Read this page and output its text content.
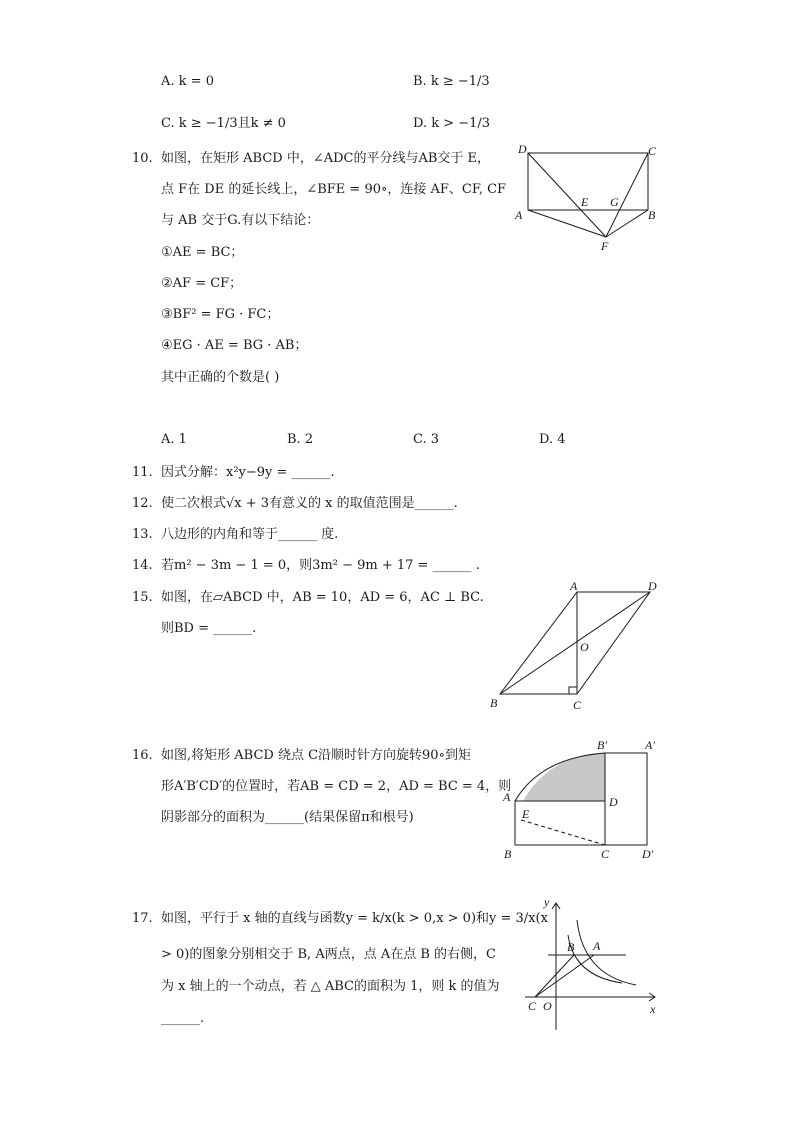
A. k = 0	B. k ≥ −1/3
C. k ≥ −1/3且k ≠ 0	D. k > −1/3
10. 如图，在矩形 ABCD 中，∠ADC的平分线与AB交于 E，
点 F在 DE 的延长线上，∠BFE = 90∘，连接 AF、CF, CF
与 AB 交于G.有以下结论：
①AE = BC；
②AF = CF；
③BF² = FG · FC；
④EG · AE = BG · AB；
其中正确的个数是( )
A. 1	B. 2	C. 3	D. 4
D	C
A	B
E G
F
11. 因式分解：x²y−9y = ______.
12. 使二次根式√x + 3有意义的 x 的取值范围是______.
13. 八边形的内角和等于______ 度.
14. 若m² − 3m − 1 = 0，则3m² − 9m + 17 = ______ .
15. 如图，在▱ABCD 中，AB = 10，AD = 6，AC ⊥ BC.
则BD = ______.
A	D
O
B	C
16. 如图,将矩形 ABCD 绕点 C沿顺时针方向旋转90∘到矩
形A′B′CD′的位置时，若AB = CD = 2，AD = BC = 4，则
阴影部分的面积为______(结果保留π和根号)
B′	A′
A	D
E
B	C	D′
17. 如图，平行于 x 轴的直线与函数y = k/x(k > 0,x > 0)和y = 3/x(x
> 0)的图象分别相交于 B, A两点，点 A在点 B 的右侧，C
为 x 轴上的一个动点，若 △ ABC的面积为 1，则 k 的值为
______.
y
B A
C O	x
